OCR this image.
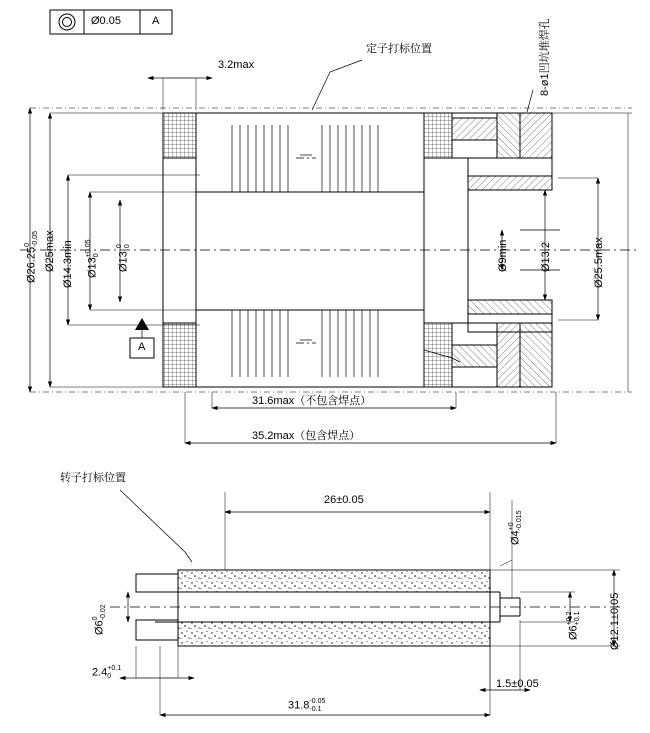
Ø0.05	A
定子打标位置	8-ø1凹坑堆焊孔
3.2max
Ø26.25
0 -0.05 Ø25max Ø14.3min Ø13
+0.05 0 Ø13
0 0	Ø9min	Ø13.2	Ø25.5max
31.6max（不包含焊点）
35.2max（包含焊点）
A
转子打标位置
26±0.05
Ø4
+0 -0.015
Ø6
0 -0.02
Ø6
+0.2 +0.1	Ø12.1±0.05
2.4 +0.1
0
31.8 -0.05
-0.1
1.5±0.05
